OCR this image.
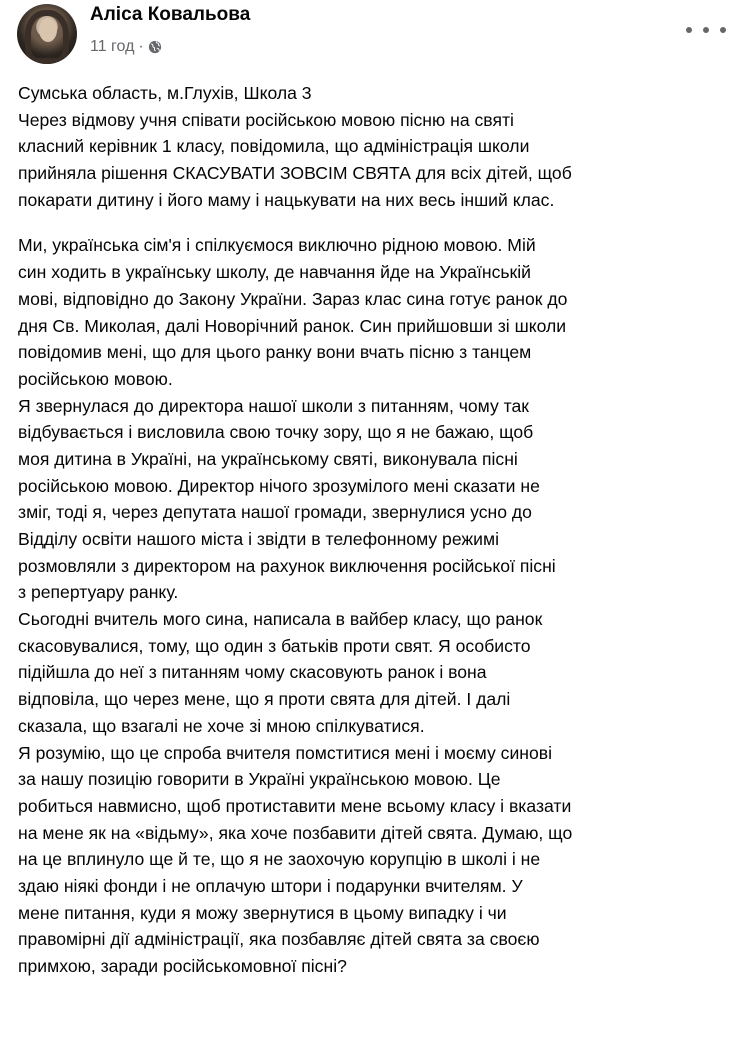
Аліса Ковальова
11 год ·
Сумська область, м.Глухів, Школа 3
Через відмову учня співати російською мовою пісню на святі
класний керівник 1 класу, повідомила, що адміністрація школи
прийняла рішення СКАСУВАТИ ЗОВСІМ СВЯТА для всіх дітей, щоб
покарати дитину і його маму і нацькувати на них весь інший клас.
Ми, українська сім'я і спілкуємося виключно рідною мовою. Мій
син ходить в українську школу, де навчання йде на Українській
мові, відповідно до Закону України. Зараз клас сина готує ранок до
дня Св. Миколая, далі Новорічний ранок. Син прийшовши зі школи
повідомив мені, що для цього ранку вони вчать пісню з танцем
російською мовою.
Я звернулася до директора нашої школи з питанням, чому так
відбувається і висловила свою точку зору, що я не бажаю, щоб
моя дитина в Україні, на українському святі, виконувала пісні
російською мовою. Директор нічого зрозумілого мені сказати не
зміг, тоді я, через депутата нашої громади, звернулися усно до
Відділу освіти нашого міста і звідти в телефонному режимі
розмовляли з директором на рахунок виключення російської пісні
з репертуару ранку.
Сьогодні вчитель мого сина, написала в вайбер класу, що ранок
скасовувалися, тому, що один з батьків проти свят. Я особисто
підійшла до неї з питанням чому скасовують ранок і вона
відповіла, що через мене, що я проти свята для дітей. І далі
сказала, що взагалі не хоче зі мною спілкуватися.
Я розумію, що це спроба вчителя помститися мені і моєму синові
за нашу позицію говорити в Україні українською мовою. Це
робиться навмисно, щоб протиставити мене всьому класу і вказати
на мене як на «відьму», яка хоче позбавити дітей свята. Думаю, що
на це вплинуло ще й те, що я не заохочую корупцію в школі і не
здаю ніякі фонди і не оплачую штори і подарунки вчителям. У
мене питання, куди я можу звернутися в цьому випадку і чи
правомірні дії адміністрації, яка позбавляє дітей свята за своєю
примхою, заради російськомовної пісні?
